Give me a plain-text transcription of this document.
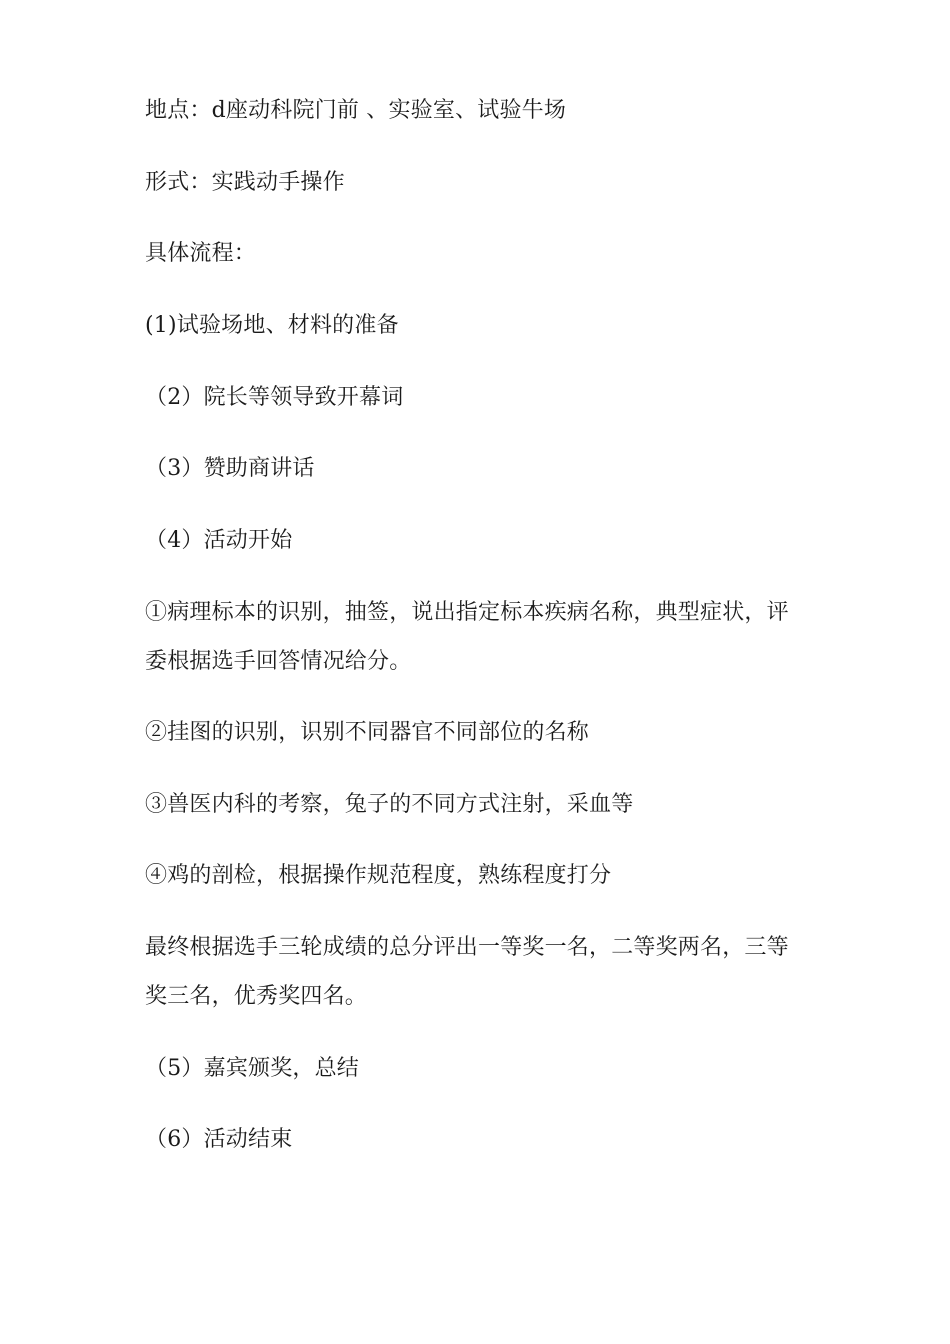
地点：d座动科院门前 、实验室、试验牛场

形式：实践动手操作

具体流程：

(1)试验场地、材料的准备

（2）院长等领导致开幕词

（3）赞助商讲话

（4）活动开始

①病理标本的识别，抽签，说出指定标本疾病名称，典型症状，评

委根据选手回答情况给分。

②挂图的识别，识别不同器官不同部位的名称

③兽医内科的考察，兔子的不同方式注射，采血等

④鸡的剖检，根据操作规范程度，熟练程度打分

最终根据选手三轮成绩的总分评出一等奖一名，二等奖两名，三等

奖三名，优秀奖四名。

（5）嘉宾颁奖，总结

（6）活动结束
